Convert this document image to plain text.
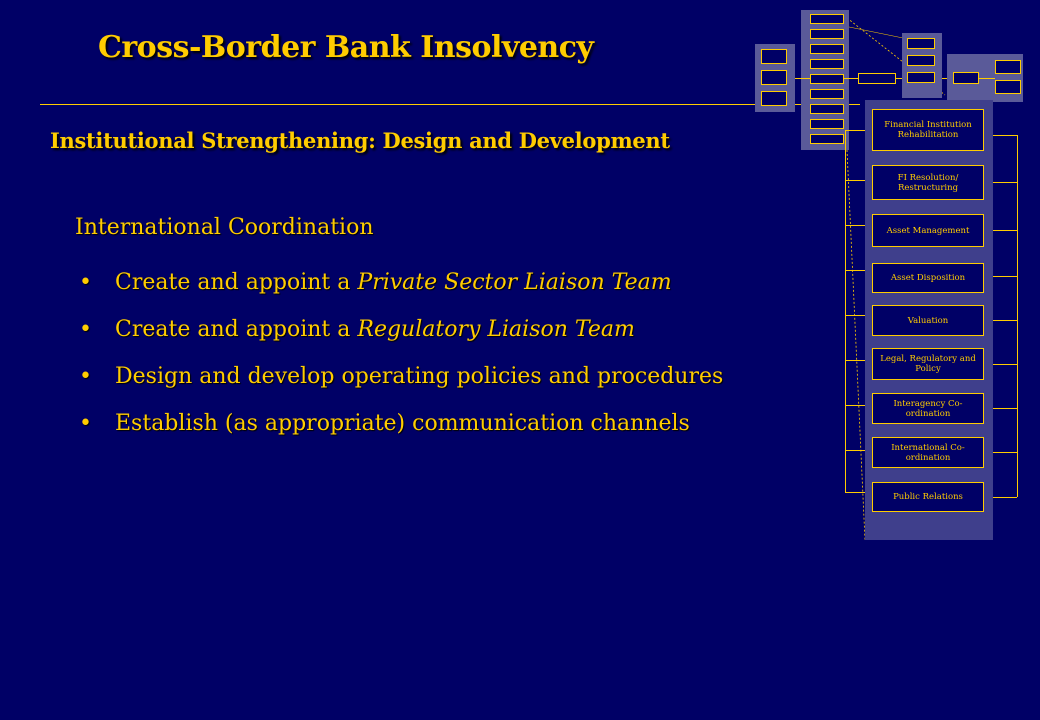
Cross-Border Bank Insolvency
Institutional Strengthening: Design and Development
International Coordination
• Create and appoint a Private Sector Liaison Team
• Create and appoint a Regulatory Liaison Team
• Design and develop operating policies and procedures
• Establish (as appropriate) communication channels
Financial Institution Rehabilitation
FI Resolution/ Restructuring
Asset Management
Asset Disposition
Valuation
Legal, Regulatory and Policy
Interagency Co-ordination
International Co-ordination
Public Relations
